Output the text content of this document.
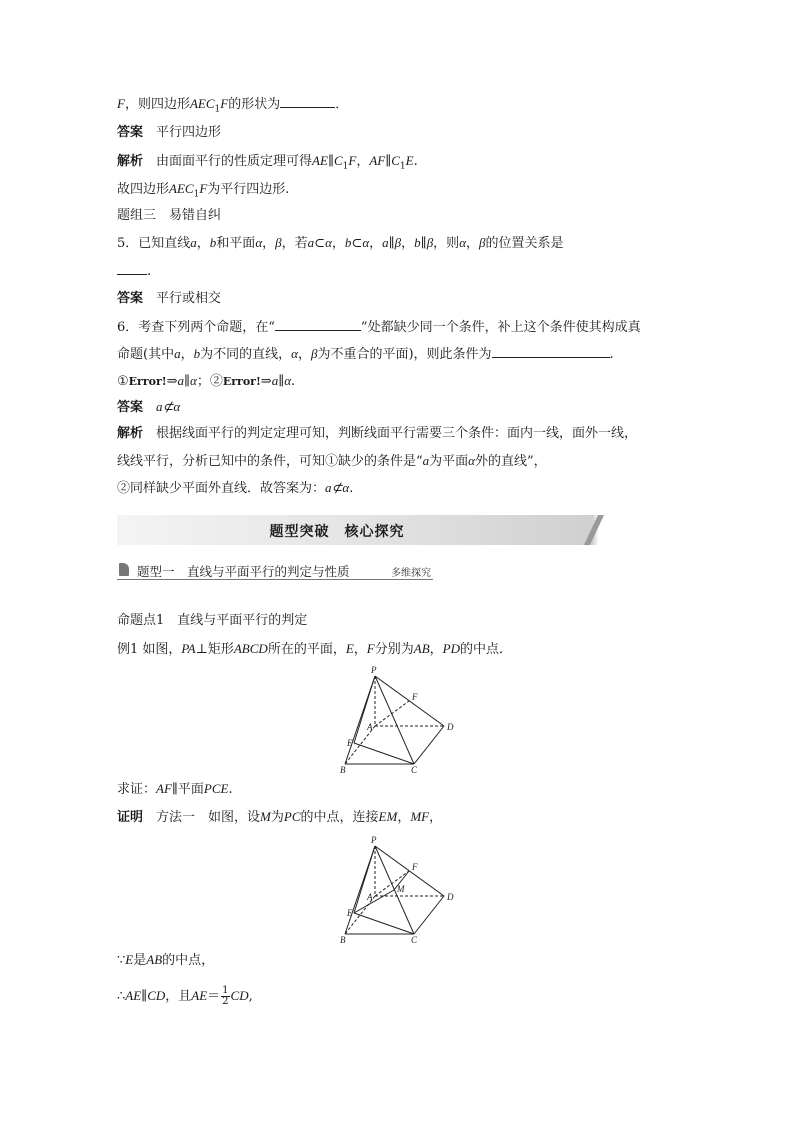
F，则四边形$AEC_1F$的形状为	．
答案　 平行四边形
解析　 由面面平行的性质定理可得$AE\parallel C_1F$，$AF\parallel C_1E$.
故四边形$AEC_1F$为平行四边形.
题组三　易错自纠
5．已知直线a，b和平面α，β，若a⊂α，b⊂α，a∥β，b∥β，则α，β的位置关系是
.
答案　 平行或相交
6．考查下列两个命题，在“	”处都缺少同一个条件，补上这个条件使其构成真
命题(其中a，b为不同的直线，α，β为不重合的平面)，则此条件为	.
①Error!⇒a∥α；②Error!⇒a∥α.
答案　 a⊄α
解析　 根据线面平行的判定定理可知，判断线面平行需要三个条件：面内一线，面外一线，
线线平行，分析已知中的条件，可知①缺少的条件是“a为平面α外的直线”，
②同样缺少平面外直线．故答案为：a⊄α.
题型突破　核心探究
题型一　直线与平面平行的判定与性质	多维探究
命题点1　直线与平面平行的判定
例1 如图，PA⊥矩形ABCD所在的平面，E，F分别为AB，PD的中点．
P
F
A	D
E
B	C
求证：AF∥平面PCE.
证明　 方法一　如图，设M为PC的中点，连接EM，MF，
P
F
M
A	D
E
B	C
∵E是AB的中点，
∴AE∥CD，且$AE= \frac{1}{2}$ CD,
